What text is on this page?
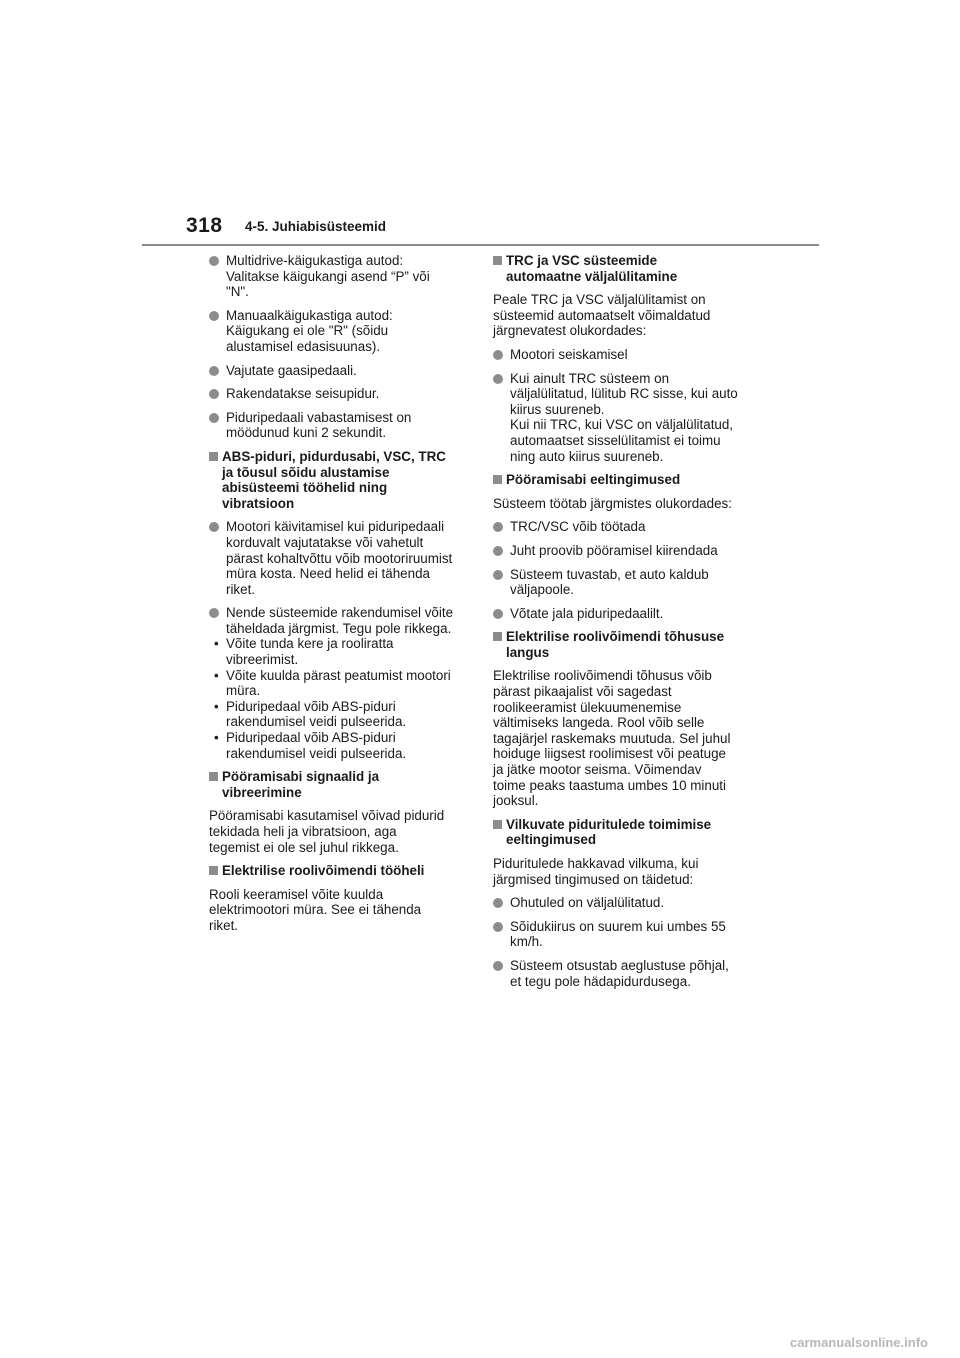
318 4-5. Juhiabisüsteemid
Multidrive-käigukastiga autod:
Valitakse käigukangi asend “P” või
"N".
Manuaalkäigukastiga autod:
Käigukang ei ole "R" (sõidu
alustamisel edasisuunas).
Vajutate gaasipedaali.
Rakendatakse seisupidur.
Piduripedaali vabastamisest on
möödunud kuni 2 sekundit.
ABS-piduri, pidurdusabi, VSC, TRC
ja tõusul sõidu alustamise
abisüsteemi tööhelid ning
vibratsioon
Mootori käivitamisel kui piduripedaali
korduvalt vajutatakse või vahetult
pärast kohaltvõttu võib mootoriruumist
müra kosta. Need helid ei tähenda
riket.
Nende süsteemide rakendumisel võite
täheldada järgmist. Tegu pole rikkega.
• Võite tunda kere ja rooliratta
vibreerimist.
• Võite kuulda pärast peatumist mootori
müra.
• Piduripedaal võib ABS-piduri
rakendumisel veidi pulseerida.
• Piduripedaal võib ABS-piduri
rakendumisel veidi pulseerida.
Pööramisabi signaalid ja
vibreerimine
Pööramisabi kasutamisel võivad pidurid
tekidada heli ja vibratsioon, aga
tegemist ei ole sel juhul rikkega.
Elektrilise roolivõimendi tööheli
Rooli keeramisel võite kuulda
elektrimootori müra. See ei tähenda
riket.
TRC ja VSC süsteemide
automaatne väljalülitamine
Peale TRC ja VSC väljalülitamist on
süsteemid automaatselt võimaldatud
järgnevatest olukordades:
Mootori seiskamisel
Kui ainult TRC süsteem on
väljalülitatud, lülitub RC sisse, kui auto
kiirus suureneb.
Kui nii TRC, kui VSC on väljalülitatud,
automaatset sisselülitamist ei toimu
ning auto kiirus suureneb.
Pööramisabi eeltingimused
Süsteem töötab järgmistes olukordades:
TRC/VSC võib töötada
Juht proovib pööramisel kiirendada
Süsteem tuvastab, et auto kaldub
väljapoole.
Võtate jala piduripedaalilt.
Elektrilise roolivõimendi tõhususe
langus
Elektrilise roolivõimendi tõhusus võib
pärast pikaajalist või sagedast
roolikeeramist ülekuumenemise
vältimiseks langeda. Rool võib selle
tagajärjel raskemaks muutuda. Sel juhul
hoiduge liigsest roolimisest või peatuge
ja jätke mootor seisma. Võimendav
toime peaks taastuma umbes 10 minuti
jooksul.
Vilkuvate piduritulede toimimise
eeltingimused
Piduritulede hakkavad vilkuma, kui
järgmised tingimused on täidetud:
Ohutuled on väljalülitatud.
Sõidukiirus on suurem kui umbes 55
km/h.
Süsteem otsustab aeglustuse põhjal,
et tegu pole hädapidurdusega.
carmanualsonline.info
